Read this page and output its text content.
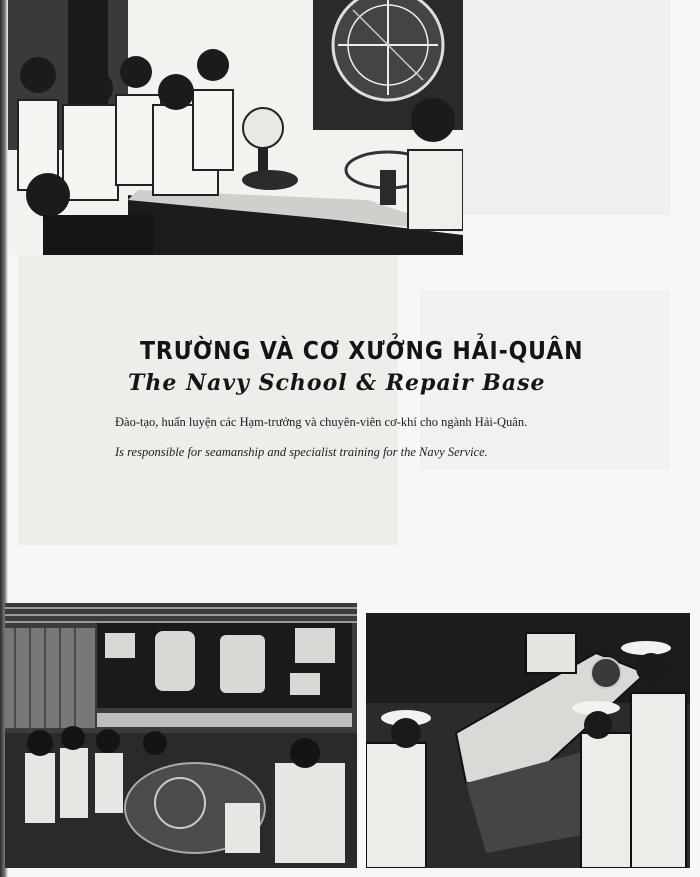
TRƯỜNG VÀ CƠ XƯỞNG HẢI-QUÂN
The Navy School & Repair Base
Đào-tạo, huấn luyện các Hạm-trưởng và chuyên-viên cơ-khí cho ngành Hải-Quân.
Is responsible for seamanship and specialist training for the Navy Service.
